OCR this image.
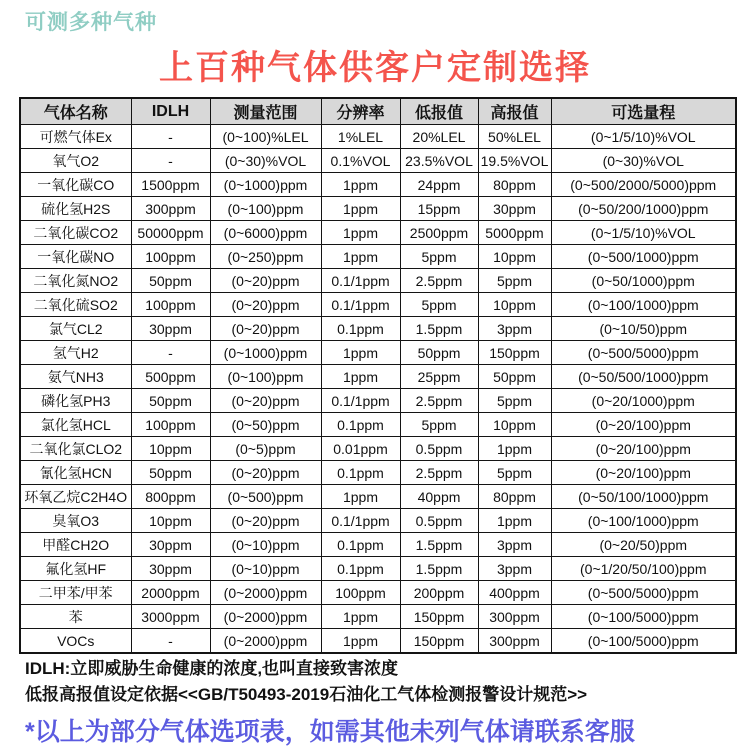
可测多种气种
上百种气体供客户定制选择
气体名称	IDLH	测量范围	分辨率	低报值	高报值	可选量程
可燃气体Ex	-	(0~100)%LEL	1%LEL	20%LEL	50%LEL	(0~1/5/10)%VOL
氧气O2	-	(0~30)%VOL	0.1%VOL	23.5%VOL	19.5%VOL	(0~30)%VOL
一氧化碳CO	1500ppm	(0~1000)ppm	1ppm	24ppm	80ppm	(0~500/2000/5000)ppm
硫化氢H2S	300ppm	(0~100)ppm	1ppm	15ppm	30ppm	(0~50/200/1000)ppm
二氧化碳CO2	50000ppm	(0~6000)ppm	1ppm	2500ppm	5000ppm	(0~1/5/10)%VOL
一氧化碳NO	100ppm	(0~250)ppm	1ppm	5ppm	10ppm	(0~500/1000)ppm
二氧化氮NO2	50ppm	(0~20)ppm	0.1/1ppm	2.5ppm	5ppm	(0~50/1000)ppm
二氧化硫SO2	100ppm	(0~20)ppm	0.1/1ppm	5ppm	10ppm	(0~100/1000)ppm
氯气CL2	30ppm	(0~20)ppm	0.1ppm	1.5ppm	3ppm	(0~10/50)ppm
氢气H2	-	(0~1000)ppm	1ppm	50ppm	150ppm	(0~500/5000)ppm
氨气NH3	500ppm	(0~100)ppm	1ppm	25ppm	50ppm	(0~50/500/1000)ppm
磷化氢PH3	50ppm	(0~20)ppm	0.1/1ppm	2.5ppm	5ppm	(0~20/1000)ppm
氯化氢HCL	100ppm	(0~50)ppm	0.1ppm	5ppm	10ppm	(0~20/100)ppm
二氧化氯CLO2	10ppm	(0~5)ppm	0.01ppm	0.5ppm	1ppm	(0~20/100)ppm
氰化氢HCN	50ppm	(0~20)ppm	0.1ppm	2.5ppm	5ppm	(0~20/100)ppm
环氧乙烷C2H4O	800ppm	(0~500)ppm	1ppm	40ppm	80ppm	(0~50/100/1000)ppm
臭氧O3	10ppm	(0~20)ppm	0.1/1ppm	0.5ppm	1ppm	(0~100/1000)ppm
甲醛CH2O	30ppm	(0~10)ppm	0.1ppm	1.5ppm	3ppm	(0~20/50)ppm
氟化氢HF	30ppm	(0~10)ppm	0.1ppm	1.5ppm	3ppm	(0~1/20/50/100)ppm
二甲苯/甲苯	2000ppm	(0~2000)ppm	100ppm	200ppm	400ppm	(0~500/5000)ppm
苯	3000ppm	(0~2000)ppm	1ppm	150ppm	300ppm	(0~100/5000)ppm
VOCs	-	(0~2000)ppm	1ppm	150ppm	300ppm	(0~100/5000)ppm
IDLH:立即威胁生命健康的浓度,也叫直接致害浓度
低报高报值设定依据<<GB/T50493-2019石油化工气体检测报警设计规范>>
*以上为部分气体选项表，如需其他未列气体请联系客服
